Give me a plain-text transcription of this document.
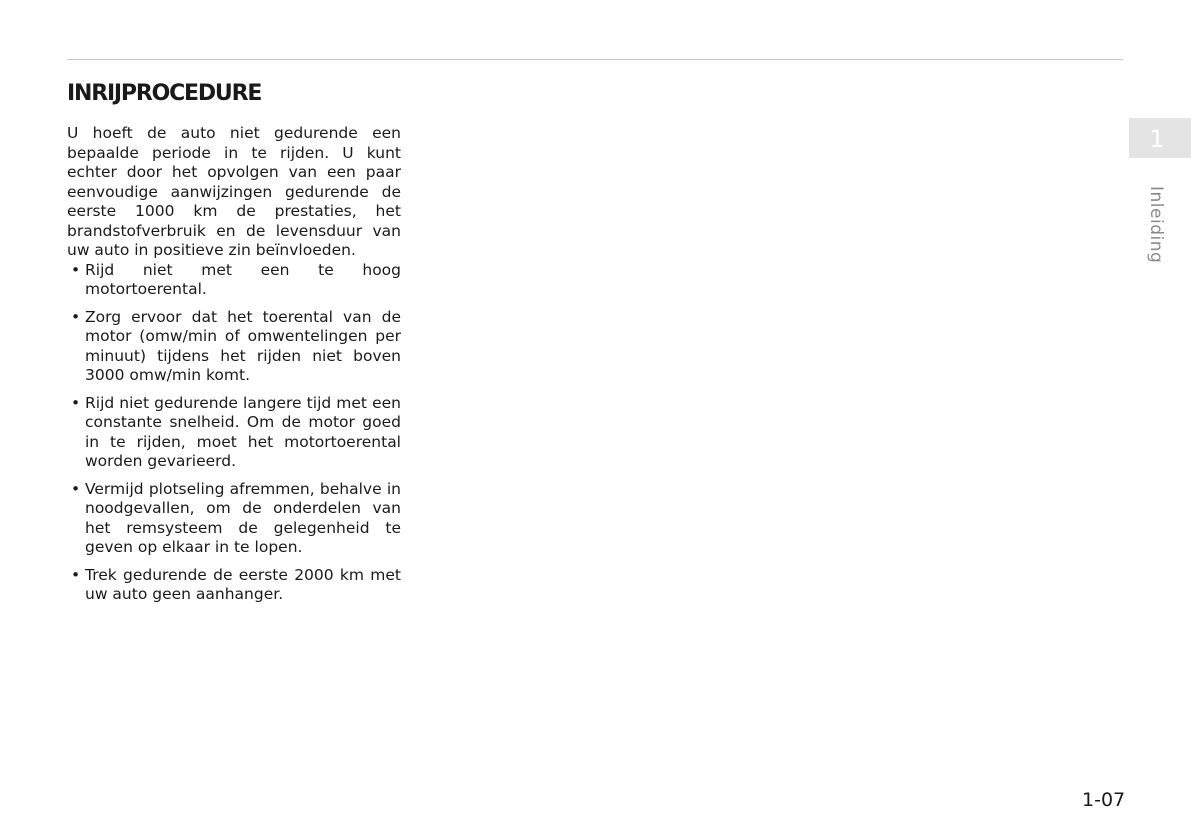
INRIJPROCEDURE

U hoeft de auto niet gedurende een bepaalde periode in te rijden. U kunt echter door het opvolgen van een paar eenvoudige aanwijzingen gedurende de eerste 1000 km de prestaties, het brandstofverbruik en de levensduur van uw auto in positieve zin beïnvloeden.

• Rijd niet met een te hoog motortoerental.
• Zorg ervoor dat het toerental van de motor (omw/min of omwentelingen per minuut) tijdens het rijden niet boven 3000 omw/min komt.
• Rijd niet gedurende langere tijd met een constante snelheid. Om de motor goed in te rijden, moet het motortoerental worden gevarieerd.
• Vermijd plotseling afremmen, behalve in noodgevallen, om de onderdelen van het remsysteem de gelegenheid te geven op elkaar in te lopen.
• Trek gedurende de eerste 2000 km met uw auto geen aanhanger.
1
Inleiding
1-07
